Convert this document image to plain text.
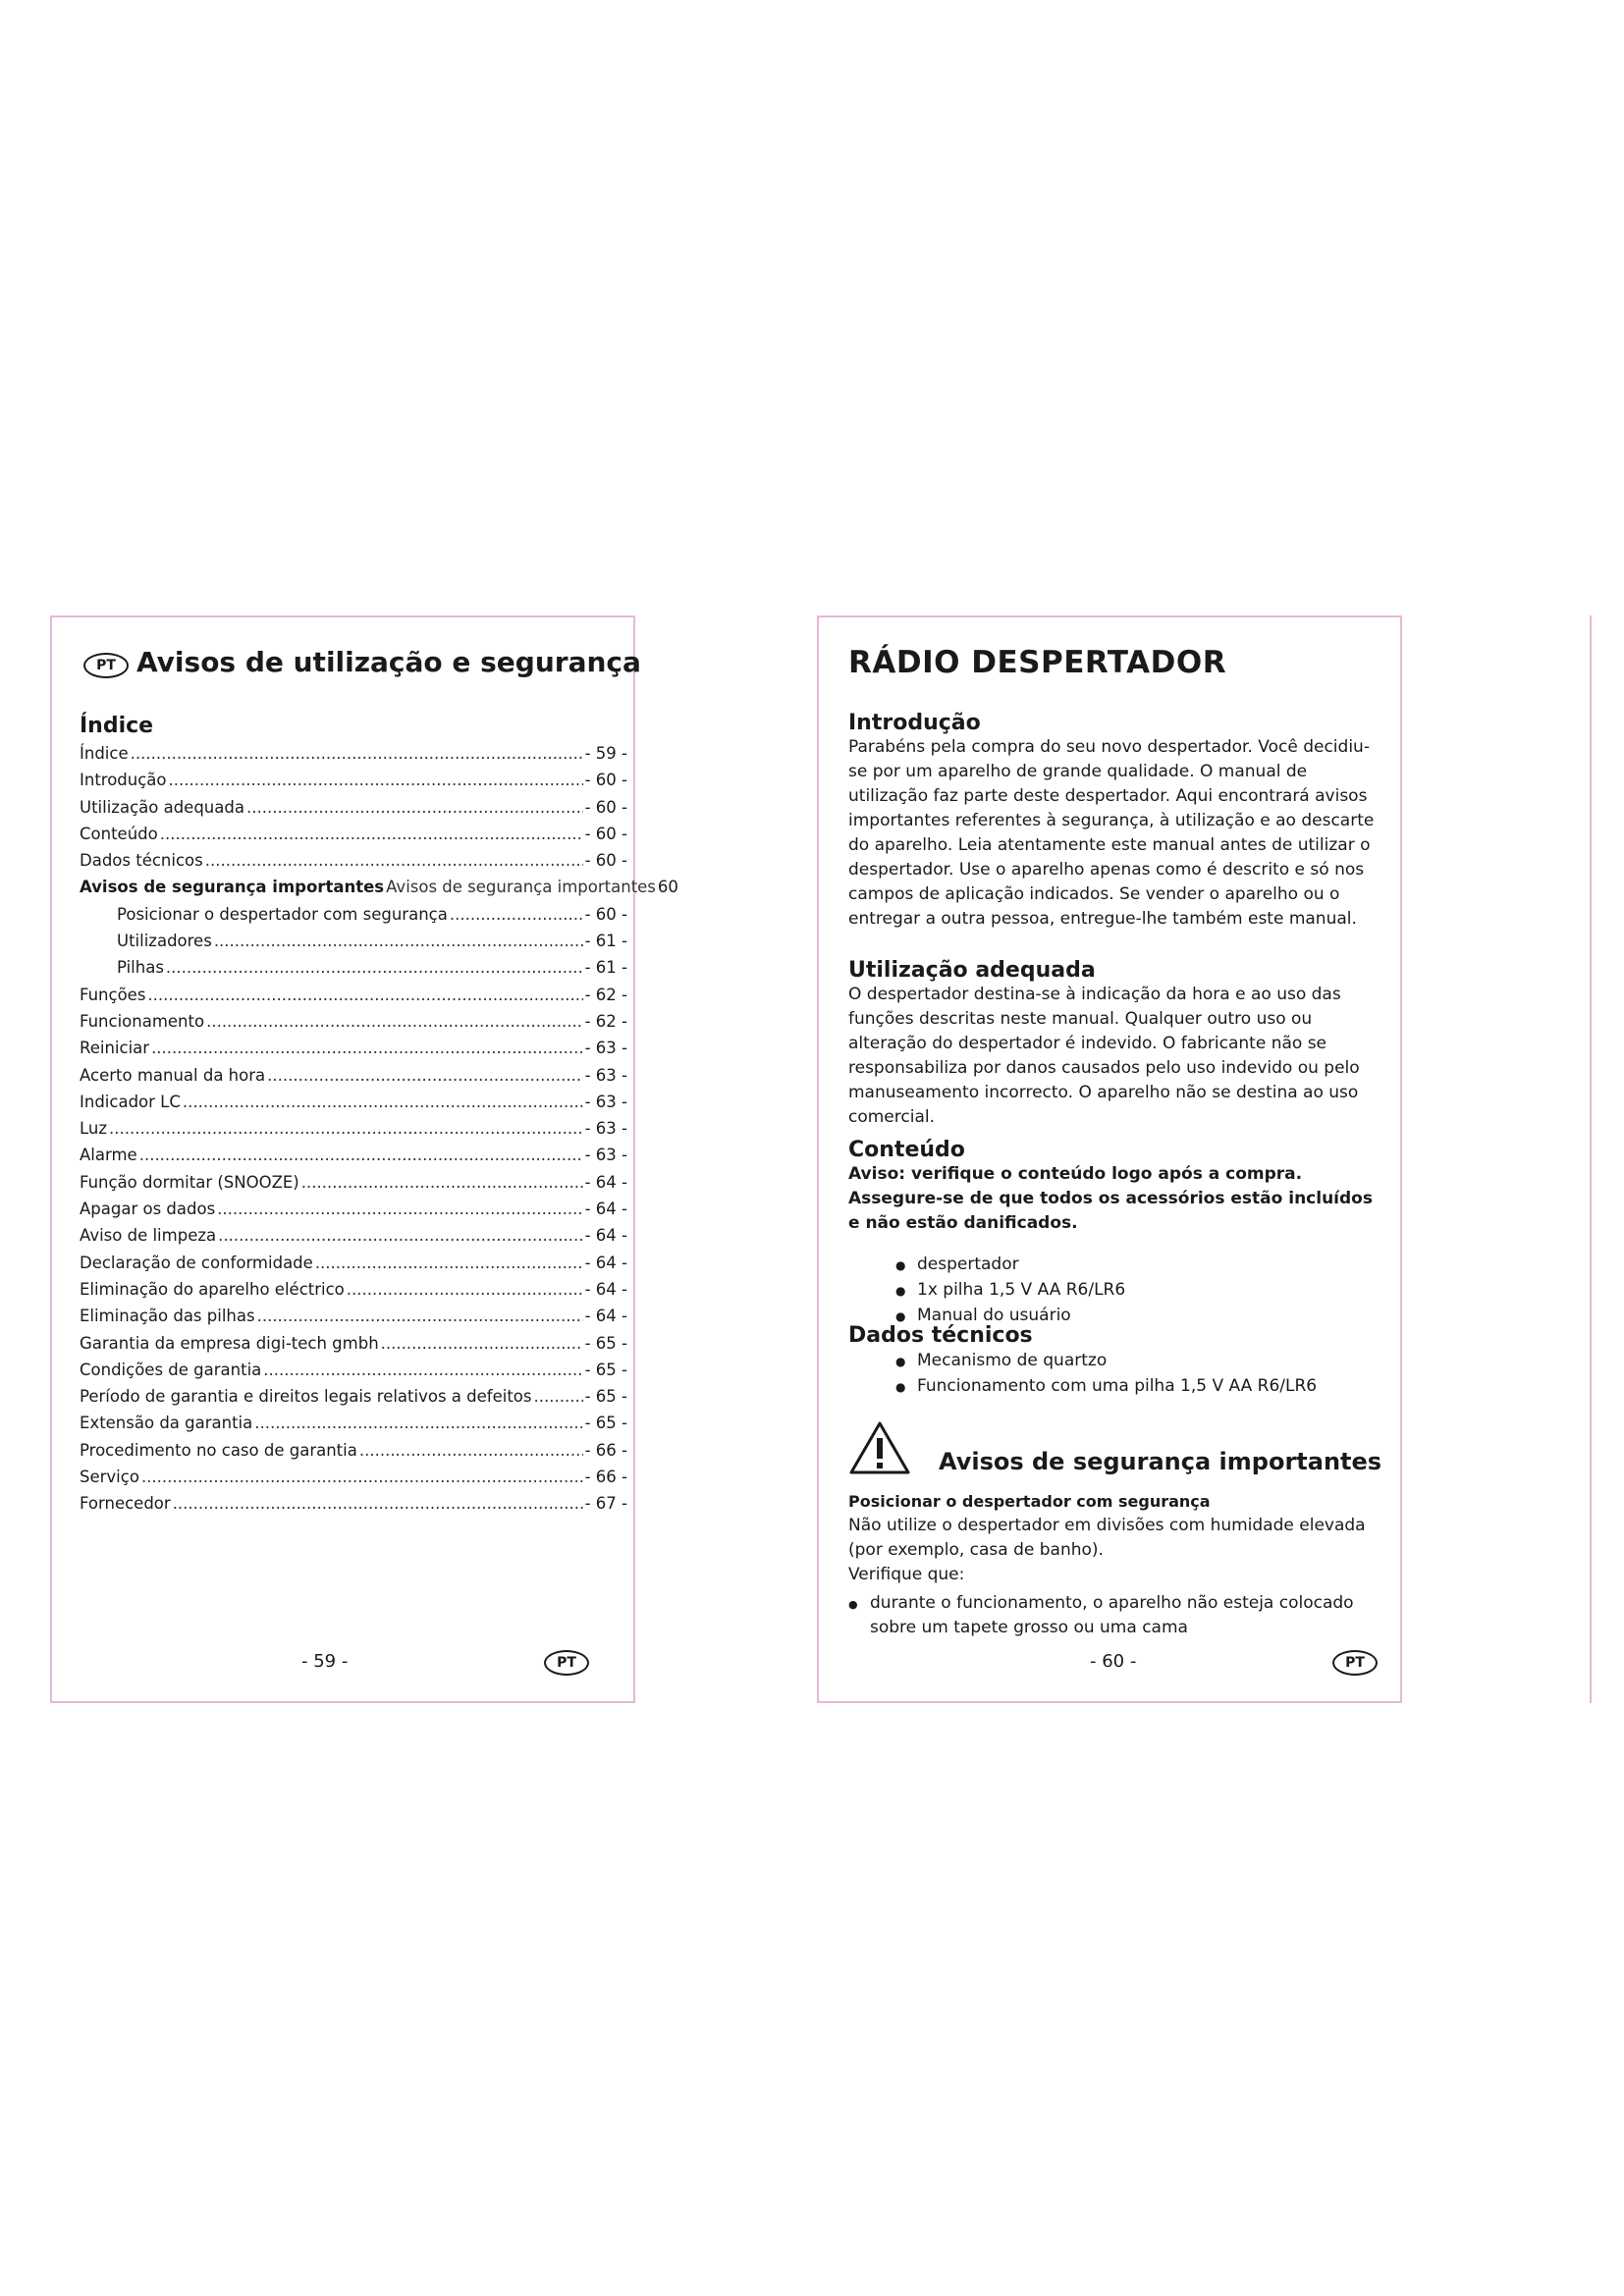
PT Avisos de utilização e segurança
Índice
Índice .....	- 59 -
Introdução .....	- 60 -
Utilização adequada .....	- 60 -
Conteúdo .....	- 60 -
Dados técnicos .....	- 60 -
Avisos de segurança importantes Avisos de segurança importantes 60
Posicionar o despertador com segurança .....	- 60 -
Utilizadores .....	- 61 -
Pilhas .....	- 61 -
Funções .....	- 62 -
Funcionamento .....	- 62 -
Reiniciar .....	- 63 -
Acerto manual da hora .....	- 63 -
Indicador LC .....	- 63 -
Luz .....	- 63 -
Alarme .....	- 63 -
Função dormitar (SNOOZE) .....	- 64 -
Apagar os dados .....	- 64 -
Aviso de limpeza .....	- 64 -
Declaração de conformidade .....	- 64 -
Eliminação do aparelho eléctrico .....	- 64 -
Eliminação das pilhas .....	- 64 -
Garantia da empresa digi-tech gmbh .....	- 65 -
Condições de garantia .....	- 65 -
Período de garantia e direitos legais relativos a defeitos .....	- 65 -
Extensão da garantia .....	- 65 -
Procedimento no caso de garantia .....	- 66 -
Serviço .....	- 66 -
Fornecedor .....	- 67 -
- 59 -	PT
RÁDIO DESPERTADOR
Introdução

Parabéns pela compra do seu novo despertador. Você decidiu-se por um aparelho de grande qualidade. O manual de utilização faz parte deste despertador. Aqui encontrará avisos importantes referentes à segurança, à utilização e ao descarte do aparelho. Leia atentamente este manual antes de utilizar o despertador. Use o aparelho apenas como é descrito e só nos campos de aplicação indicados. Se vender o aparelho ou o entregar a outra pessoa, entregue-lhe também este manual.

Utilização adequada

O despertador destina-se à indicação da hora e ao uso das funções descritas neste manual. Qualquer outro uso ou alteração do despertador é indevido. O fabricante não se responsabiliza por danos causados pelo uso indevido ou pelo manuseamento incorrecto. O aparelho não se destina ao uso comercial.

Conteúdo

Aviso: verifique o conteúdo logo após a compra. Assegure-se de que todos os acessórios estão incluídos e não estão danificados.

● despertador
● 1x pilha 1,5 V AA R6/LR6
● Manual do usuário
Dados técnicos
● Mecanismo de quartzo
● Funcionamento com uma pilha 1,5 V AA R6/LR6
Avisos de segurança importantes

Posicionar o despertador com segurança

Não utilize o despertador em divisões com humidade elevada (por exemplo, casa de banho).

Verifique que:

● durante o funcionamento, o aparelho não esteja colocado sobre um tapete grosso ou uma cama
- 60 -	PT
